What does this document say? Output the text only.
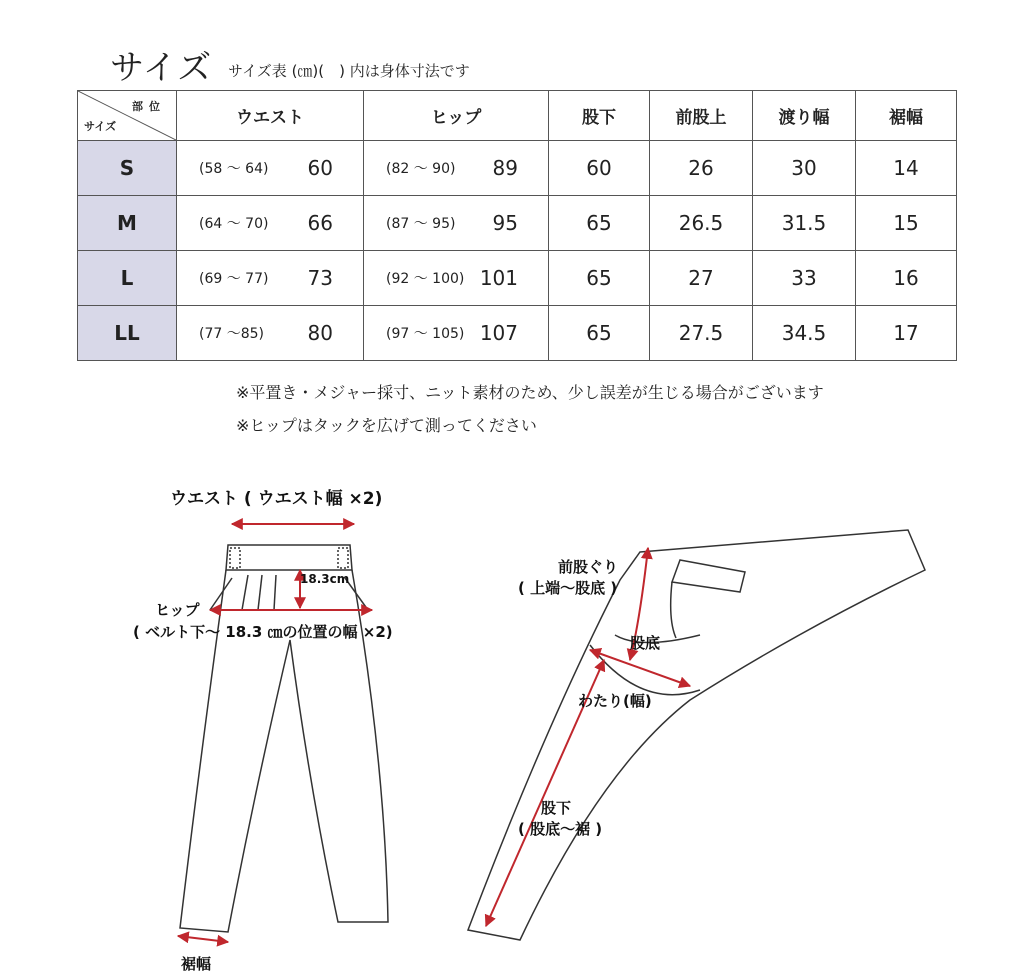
サイズ サイズ表 (㎝)(　) 内は身体寸法です
部位
サイズ	ウエスト	ヒップ	股下	前股上	渡り幅	裾幅
S	(58 ～ 64) 60	(82 ～ 90) 89	60	26	30	14
M	(64 ～ 70) 66	(87 ～ 95) 95	65	26.5	31.5	15
L	(69 ～ 77) 73	(92 ～ 100) 101	65	27	33	16
LL	(77 ～85) 80	(97 ～ 105) 107	65	27.5	34.5	17
※平置き・メジャー採寸、ニット素材のため、少し誤差が生じる場合がございます
※ヒップはタックを広げて測ってください
ウエスト ( ウエスト幅 ×2)
18.3cm
ヒップ
( ベルト下～ 18.3 ㎝の位置の幅 ×2)
裾幅
前股ぐり
( 上端～股底 )
股底
わたり(幅)
股下
( 股底～裾 )
